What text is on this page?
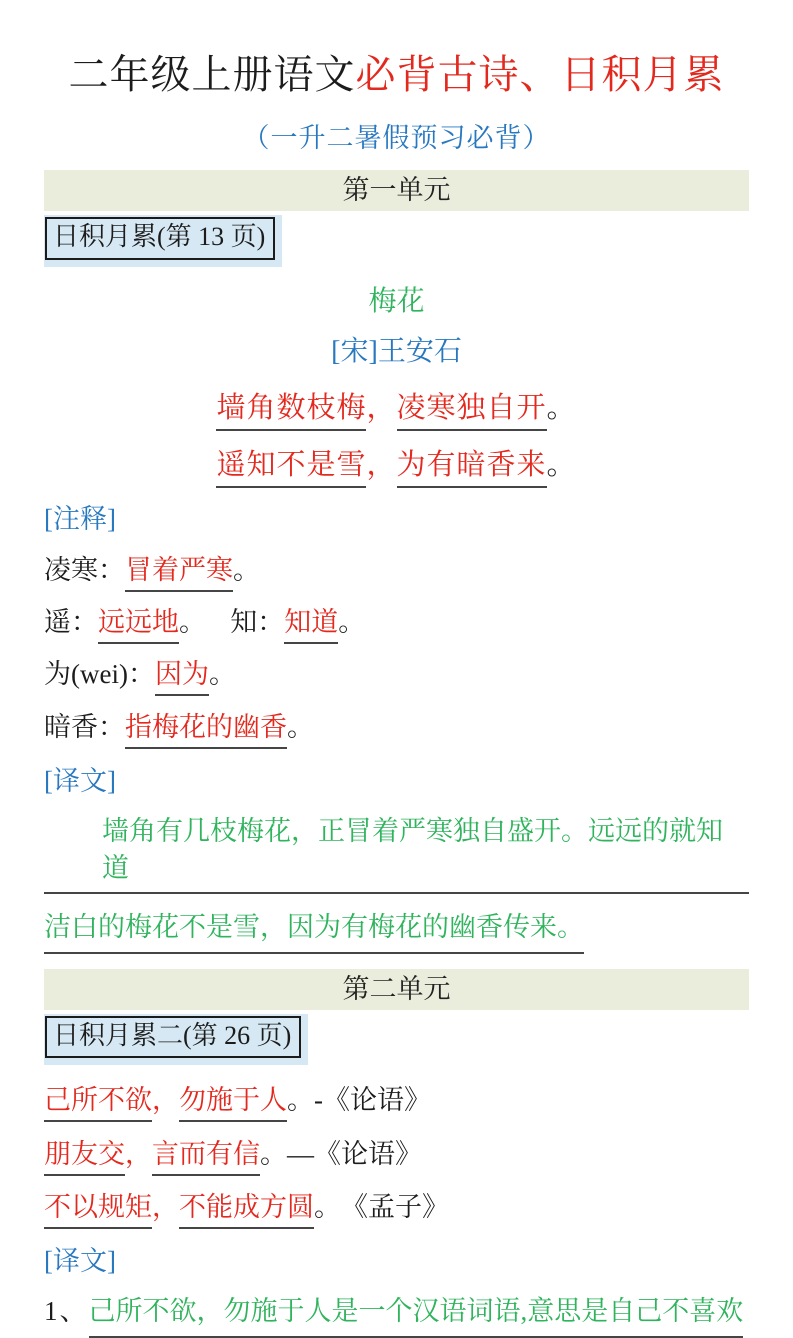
二年级上册语文必背古诗、日积月累
（一升二暑假预习必背）
第一单元
日积月累(第 13 页)
梅花
[宋]王安石
墙角数枝梅，凌寒独自开。
遥知不是雪，为有暗香来。
[注释]
凌寒：冒着严寒。
遥：远远地。 知：知道。
为(wei)：因为。
暗香：指梅花的幽香。
[译文]
墙角有几枝梅花，正冒着严寒独自盛开。远远的就知道
洁白的梅花不是雪，因为有梅花的幽香传来。
第二单元
日积月累二(第 26 页)
己所不欲，勿施于人。-《论语》
朋友交，言而有信。—《论语》
不以规矩，不能成方圆。　《孟子》
[译文]
1、己所不欲，勿施于人是一个汉语词语,意思是自己不喜欢
